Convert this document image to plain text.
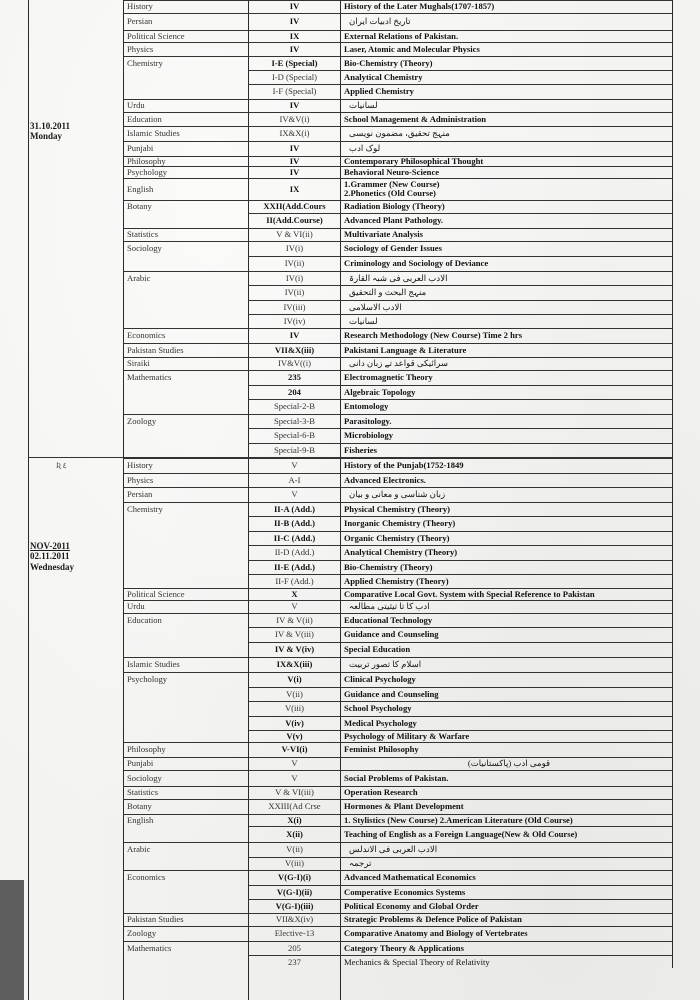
31.10.2011
Monday
Ʀ ٤
NOV-2011
02.11.2011
Wednesday
History	IV	History of the Later Mughals(1707-1857)
Persian	IV	تاریخ ادبیات ایران
Political Science	IX	External Relations of Pakistan.
Physics	IV	Laser, Atomic and Molecular Physics
Chemistry	I-E (Special)	Bio-Chemistry (Theory)
I-D (Special)	Analytical Chemistry
I-F (Special)	Applied Chemistry
Urdu	IV	لسانیات
Education	IV&V(i)	School Management & Administration
Islamic Studies	IX&X(i)	منہج تحقیق، مضمون نویسی
Punjabi	IV	لوک ادب
Philosophy	IV	Contemporary Philosophical Thought
Psychology	IV	Behavioral Neuro-Science
English	IX
1.Grammer (New Course)
2.Phonetics (Old Course)
Botany	XXII(Add.Cours	Radiation Biology (Theory)
II(Add.Course)	Advanced Plant Pathology.
Statistics	V & VI(ii)	Multivariate Analysis
Sociology	IV(i)	Sociology of Gender Issues
IV(ii)	Criminology and Sociology of Deviance
Arabic	IV(i)	الادب العربی فی شبہ القارۃ
IV(ii)	منہج البحث و التحقیق
IV(iii)	الادب الاسلامی
IV(iv)	لسانیات
Economics	IV	Research Methodology (New Course) Time 2 hrs
Pakistan Studies	VII&X(iii)	Pakistani Language & Literature
Siraiki	IV&V((i)	سرائیکی قواعد تے زبان دانی
Mathematics	235	Electromagnetic Theory
204	Algebraic Topology
Special-2-B	Entomology
Zoology	Special-3-B	Parasitology.
Special-6-B	Microbiology
Special-9-B	Fisheries
History	V	History of the Punjab(1752-1849
Physics	A-I	Advanced Electronics.
Persian	V	زبان شناسی و معانی و بیان
Chemistry	II-A (Add.)	Physical Chemistry (Theory)
II-B (Add.)	Inorganic Chemistry (Theory)
II-C (Add.)	Organic Chemistry (Theory)
II-D (Add.)	Analytical Chemistry (Theory)
II-E (Add.)	Bio-Chemistry (Theory)
II-F (Add.)	Applied Chemistry (Theory)
Political Science	X	Comparative Local Govt. System with Special Reference to Pakistan
Urdu	V	ادب کا تا تیثیتی مطالعہ
Education	IV & V(ii)	Educational Technology
IV & V(iii)	Guidance and Counseling
IV & V(iv)	Special Education
Islamic Studies	IX&X(iii)	اسلام کا تصور تربیت
Psychology	V(i)	Clinical Psychology
V(ii)	Guidance and Counseling
V(iii)	School Psychology
V(iv)	Medical Psychology
V(v)	Psychology of Military & Warfare
Philosophy	V-VI(i)	Feminist Philosophy
Punjabi	V	قومی ادب (پاکستانیات)
Sociology	V	Social Problems of Pakistan.
Statistics	V & VI(iii)	Operation Research
Botany	XXIII(Ad Crse	Hormones & Plant Development
English	X(i)	1. Stylistics (New Course) 2.American Literature (Old Course)
X(ii)	Teaching of English as a Foreign Language(New & Old Course)
Arabic	V(ii)	الادب العربی فی الاندلس
V(iii)	ترجمہ
Economics	V(G-I)(i)	Advanced Mathematical Economics
V(G-I)(ii)	Comperative Economics Systems
V(G-I)(iii)	Political Economy and Global Order
Pakistan Studies	VII&X(iv)	Strategic Problems & Defence Police of Pakistan
Zoology	Elective-13	Comparative Anatomy and Biology of Vertebrates
Mathematics	205	Category Theory & Applications
237	Mechanics & Special Theory of Relativity
